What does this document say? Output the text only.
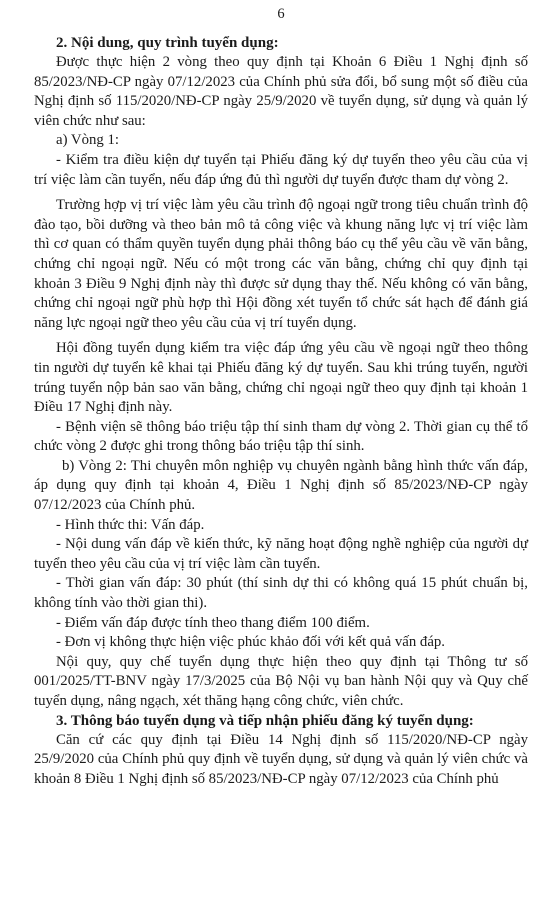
6

2. Nội dung, quy trình tuyển dụng:

Được thực hiện 2 vòng theo quy định tại Khoản 6 Điều 1 Nghị định số 85/2023/NĐ-CP ngày 07/12/2023 của Chính phủ sửa đổi, bổ sung một số điều của Nghị định số 115/2020/NĐ-CP ngày 25/9/2020 về tuyển dụng, sử dụng và quản lý viên chức như sau:

a) Vòng 1:

- Kiểm tra điều kiện dự tuyển tại Phiếu đăng ký dự tuyển theo yêu cầu của vị trí việc làm cần tuyển, nếu đáp ứng đủ thì người dự tuyển được tham dự vòng 2.

Trường hợp vị trí việc làm yêu cầu trình độ ngoại ngữ trong tiêu chuẩn trình độ đào tạo, bồi dưỡng và theo bản mô tả công việc và khung năng lực vị trí việc làm thì cơ quan có thẩm quyền tuyển dụng phải thông báo cụ thể yêu cầu về văn bằng, chứng chỉ ngoại ngữ. Nếu có một trong các văn bằng, chứng chỉ quy định tại khoản 3 Điều 9 Nghị định này thì được sử dụng thay thế. Nếu không có văn bằng, chứng chỉ ngoại ngữ phù hợp thì Hội đồng xét tuyển tổ chức sát hạch để đánh giá năng lực ngoại ngữ theo yêu cầu của vị trí tuyển dụng.

Hội đồng tuyển dụng kiểm tra việc đáp ứng yêu cầu về ngoại ngữ theo thông tin người dự tuyển kê khai tại Phiếu đăng ký dự tuyển. Sau khi trúng tuyển, người trúng tuyển nộp bản sao văn bằng, chứng chỉ ngoại ngữ theo quy định tại khoản 1 Điều 17 Nghị định này.

- Bệnh viện sẽ thông báo triệu tập thí sinh tham dự vòng 2. Thời gian cụ thể tổ chức vòng 2 được ghi trong thông báo triệu tập thí sinh.

b) Vòng 2: Thi chuyên môn nghiệp vụ chuyên ngành bằng hình thức vấn đáp, áp dụng quy định tại khoản 4, Điều 1 Nghị định số 85/2023/NĐ-CP ngày 07/12/2023 của Chính phủ.

- Hình thức thi: Vấn đáp.

- Nội dung vấn đáp về kiến thức, kỹ năng hoạt động nghề nghiệp của người dự tuyển theo yêu cầu của vị trí việc làm cần tuyển.

- Thời gian vấn đáp: 30 phút (thí sinh dự thi có không quá 15 phút chuẩn bị, không tính vào thời gian thi).

- Điểm vấn đáp được tính theo thang điểm 100 điểm.

- Đơn vị không thực hiện việc phúc khảo đối với kết quả vấn đáp.

Nội quy, quy chế tuyển dụng thực hiện theo quy định tại Thông tư số 001/2025/TT-BNV ngày 17/3/2025 của Bộ Nội vụ ban hành Nội quy và Quy chế tuyển dụng, nâng ngạch, xét thăng hạng công chức, viên chức.

3. Thông báo tuyển dụng và tiếp nhận phiếu đăng ký tuyển dụng:

Căn cứ các quy định tại Điều 14 Nghị định số 115/2020/NĐ-CP ngày 25/9/2020 của Chính phủ quy định về tuyển dụng, sử dụng và quản lý viên chức và khoản 8 Điều 1 Nghị định số 85/2023/NĐ-CP ngày 07/12/2023 của Chính phủ
